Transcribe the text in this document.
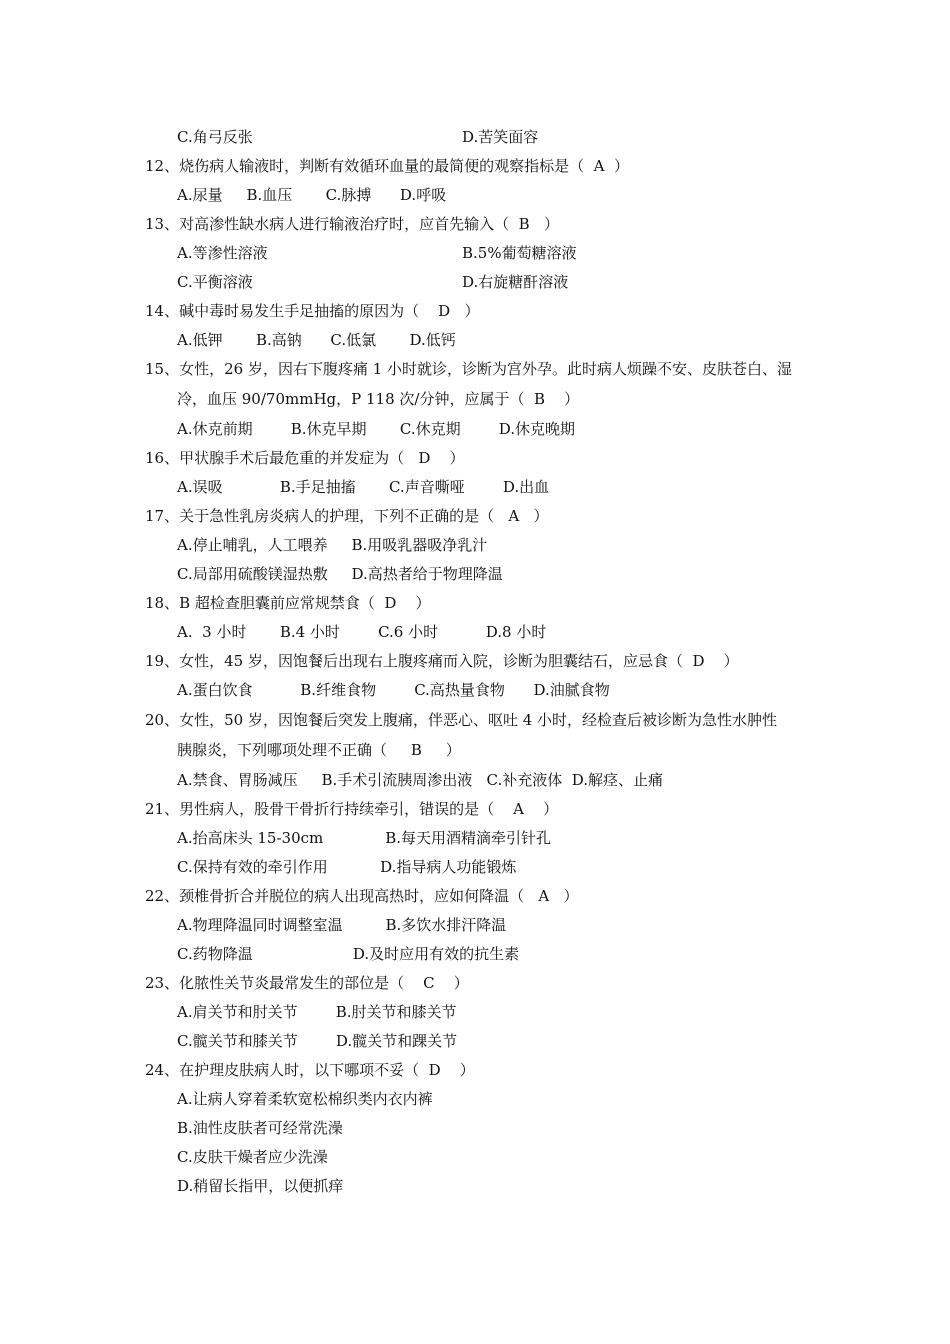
C.角弓反张	D.苦笑面容
12、烧伤病人输液时，判断有效循环血量的最简便的观察指标是（  A  ）
A.尿量     B.血压       C.脉搏      D.呼吸
13、对高渗性缺水病人进行输液治疗时，应首先输入（  B   ）
A.等渗性溶液	B.5%葡萄糖溶液
C.平衡溶液	D.右旋糖酐溶液
14、碱中毒时易发生手足抽搐的原因为（    D   ）
A.低钾       B.高钠      C.低氯       D.低钙
15、女性，26 岁，因右下腹疼痛 1 小时就诊，诊断为宫外孕。此时病人烦躁不安、皮肤苍白、湿
冷，血压 90/70mmHg，P 118 次/分钟，应属于（  B    ）
A.休克前期        B.休克早期       C.休克期        D.休克晚期
16、甲状腺手术后最危重的并发症为（   D    ）
A.误吸            B.手足抽搐       C.声音嘶哑        D.出血
17、关于急性乳房炎病人的护理，下列不正确的是（   A   ）
A.停止哺乳，人工喂养     B.用吸乳器吸净乳汁
C.局部用硫酸镁湿热敷     D.高热者给于物理降温
18、B 超检查胆囊前应常规禁食（  D    ）
A.  3 小时       B.4 小时        C.6 小时          D.8 小时
19、女性，45 岁，因饱餐后出现右上腹疼痛而入院，诊断为胆囊结石，应忌食（  D    ）
A.蛋白饮食          B.纤维食物        C.高热量食物      D.油腻食物
20、女性，50 岁，因饱餐后突发上腹痛，伴恶心、呕吐 4 小时，经检查后被诊断为急性水肿性
胰腺炎，下列哪项处理不正确（     B     ）
A.禁食、胃肠减压     B.手术引流胰周渗出液   C.补充液体  D.解痉、止痛
21、男性病人，股骨干骨折行持续牵引，错误的是（    A    ）
A.抬高床头 15-30cm             B.每天用酒精滴牵引针孔
C.保持有效的牵引作用           D.指导病人功能锻炼
22、颈椎骨折合并脱位的病人出现高热时，应如何降温（   A   ）
A.物理降温同时调整室温         B.多饮水排汗降温
C.药物降温                     D.及时应用有效的抗生素
23、化脓性关节炎最常发生的部位是（    C    ）
A.肩关节和肘关节        B.肘关节和膝关节
C.髋关节和膝关节        D.髋关节和踝关节
24、在护理皮肤病人时，以下哪项不妥（  D    ）
A.让病人穿着柔软宽松棉织类内衣内裤
B.油性皮肤者可经常洗澡
C.皮肤干燥者应少洗澡
D.稍留长指甲，以便抓痒
